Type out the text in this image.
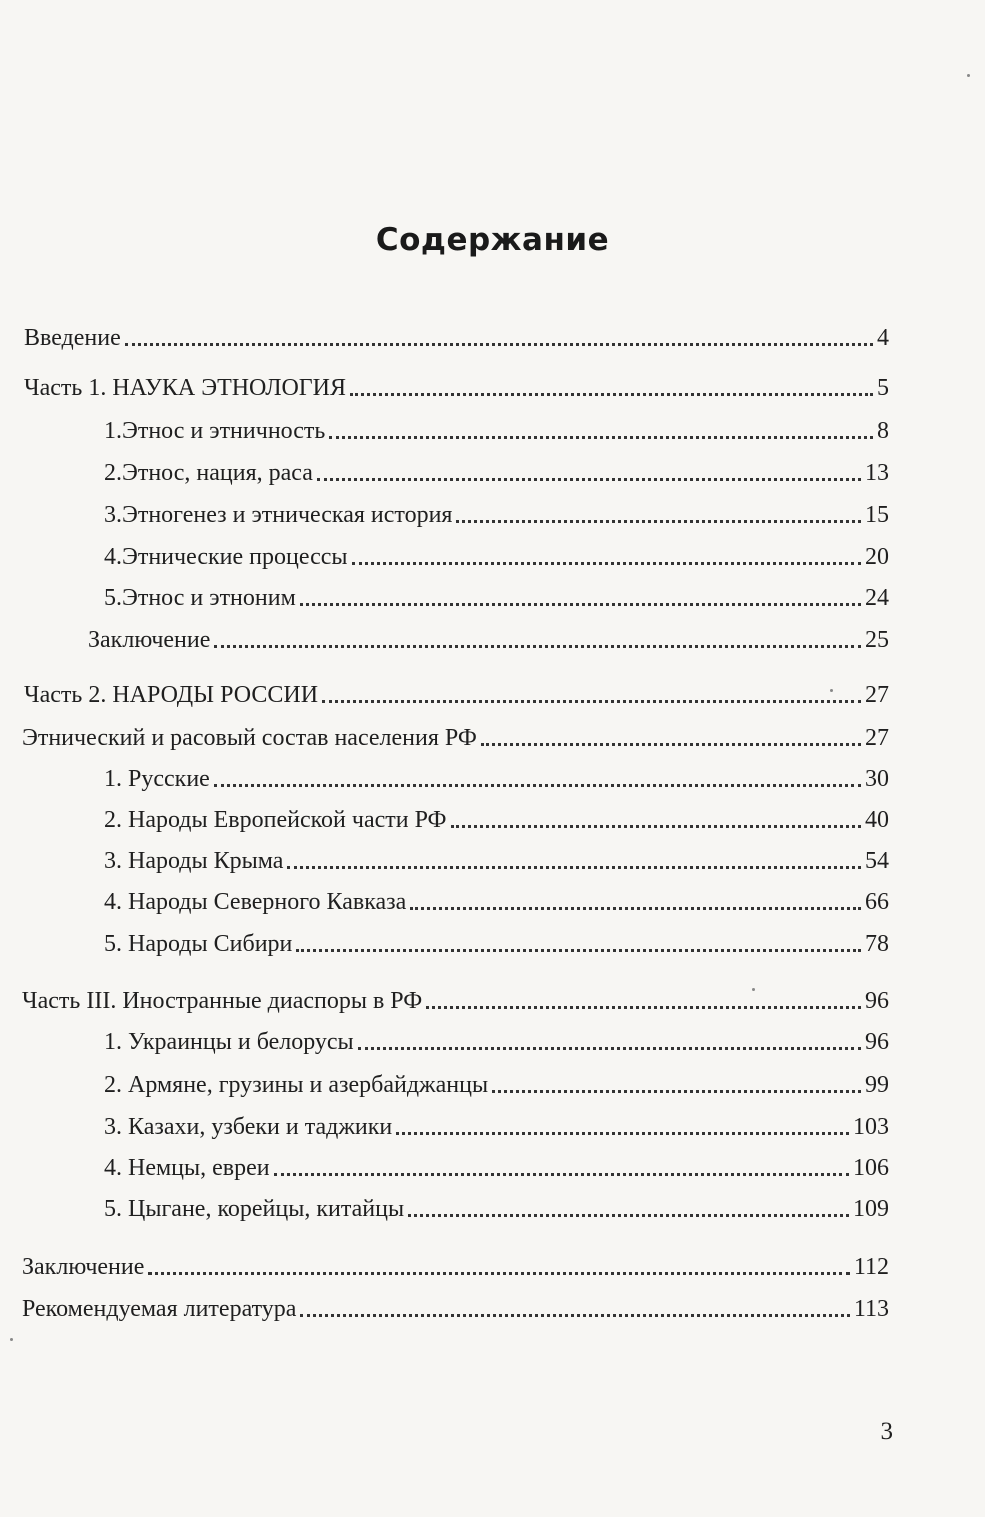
Содержание
Введение	4
Часть 1. НАУКА ЭТНОЛОГИЯ	5
1.Этнос и этничность	8
2.Этнос, нация, раса	13
3.Этногенез и этническая история	15
4.Этнические процессы	20
5.Этнос и этноним	24
Заключение	25
Часть 2. НАРОДЫ РОССИИ	27
Этнический и расовый состав населения РФ	27
1. Русские	30
2. Народы Европейской части РФ	40
3. Народы Крыма	54
4. Народы Северного Кавказа	66
5. Народы Сибири	78
Часть III. Иностранные диаспоры в РФ	96
1. Украинцы и белорусы	96
2. Армяне, грузины и азербайджанцы	99
3. Казахи, узбеки и таджики	103
4. Немцы, евреи	106
5. Цыгане, корейцы, китайцы	109
Заключение	112
Рекомендуемая литература	113
3
